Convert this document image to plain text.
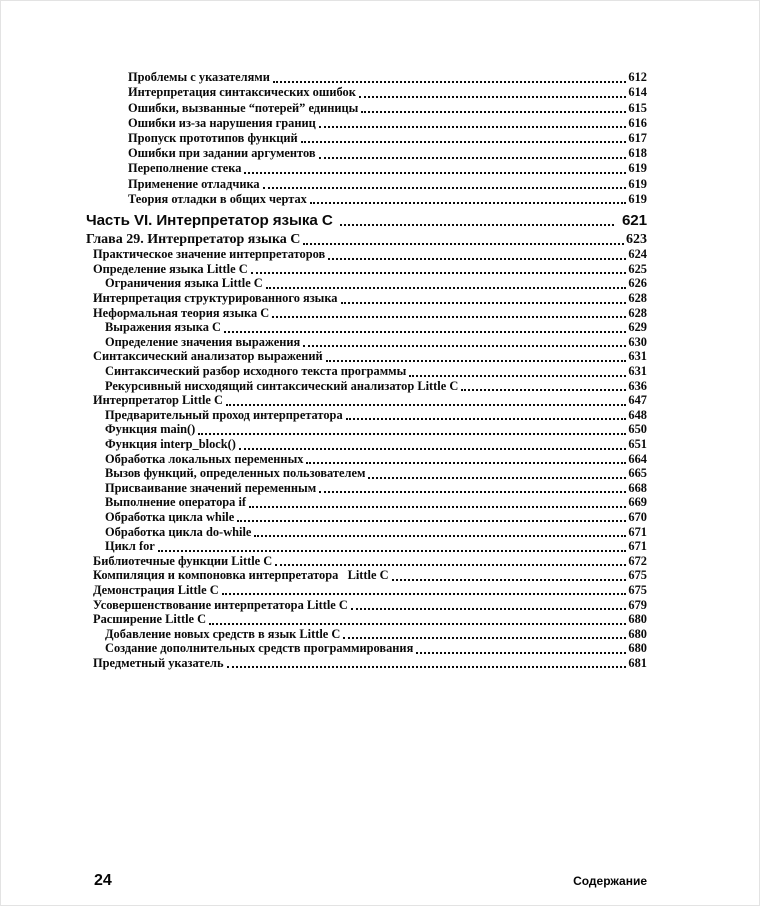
Проблемы с указателями	612
Интерпретация синтаксических ошибок	614
Ошибки, вызванные “потерей” единицы	615
Ошибки из-за нарушения границ	616
Пропуск прототипов функций	617
Ошибки при задании аргументов	618
Переполнение стека	619
Применение отладчика	619
Теория отладки в общих чертах	619
Часть VI. Интерпретатор языка C	621
Глава 29. Интерпретатор языка C	623
Практическое значение интерпретаторов	624
Определение языка Little C	625
Ограничения языка Little C	626
Интерпретация структурированного языка	628
Неформальная теория языка C	628
Выражения языка C	629
Определение значения выражения	630
Синтаксический анализатор выражений	631
Синтаксический разбор исходного текста программы	631
Рекурсивный нисходящий синтаксический анализатор Little C	636
Интерпретатор Little C	647
Предварительный проход интерпретатора	648
Функция main()	650
Функция interp_block()	651
Обработка локальных переменных	664
Вызов функций, определенных пользователем	665
Присваивание значений переменным	668
Выполнение оператора if	669
Обработка цикла while	670
Обработка цикла do-while	671
Цикл for	671
Библиотечные функции Little C	672
Компиляция и компоновка интерпретатора   Little C	675
Демонстрация Little C	675
Усовершенствование интерпретатора Little C	679
Расширение Little C	680
Добавление новых средств в язык Little C	680
Создание дополнительных средств программирования	680
Предметный указатель	681
24	Содержание
